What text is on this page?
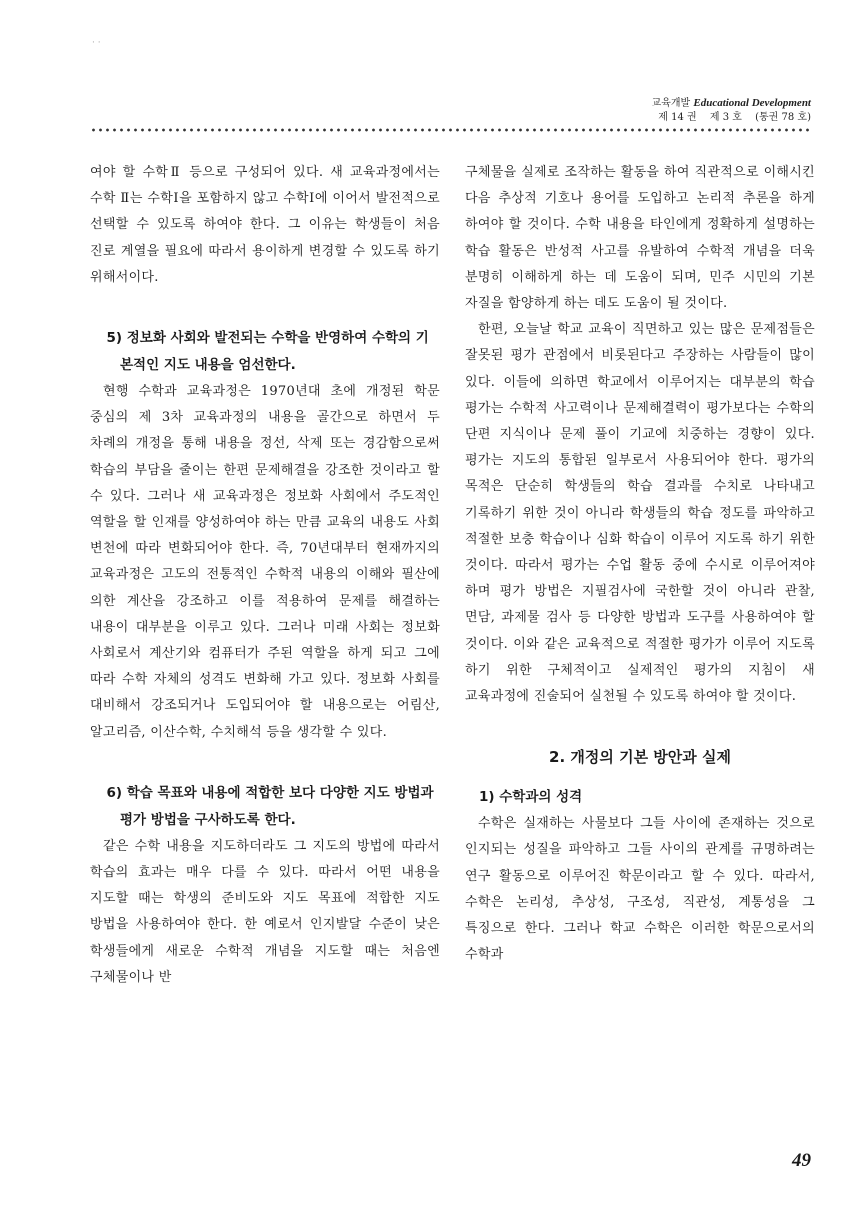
· ·
교육개발 Educational Development
제 14 권 제 3 호 (통권 78 호)

여야 할 수학Ⅱ 등으로 구성되어 있다. 새 교육과정에서는 수학 Ⅱ는 수학Ⅰ을 포함하지 않고 수학Ⅰ에 이어서 발전적으로 선택할 수 있도록 하여야 한다. 그 이유는 학생들이 처음 진로 계열을 필요에 따라서 용이하게 변경할 수 있도록 하기 위해서이다.

5) 정보화 사회와 발전되는 수학을 반영하여 수학의 기본적인 지도 내용을 엄선한다.

현행 수학과 교육과정은 1970년대 초에 개정된 학문 중심의 제 3차 교육과정의 내용을 골간으로 하면서 두 차례의 개정을 통해 내용을 정선, 삭제 또는 경감함으로써 학습의 부담을 줄이는 한편 문제해결을 강조한 것이라고 할 수 있다. 그러나 새 교육과정은 정보화 사회에서 주도적인 역할을 할 인재를 양성하여야 하는 만큼 교육의 내용도 사회 변천에 따라 변화되어야 한다. 즉, 70년대부터 현재까지의 교육과정은 고도의 전통적인 수학적 내용의 이해와 필산에 의한 계산을 강조하고 이를 적용하여 문제를 해결하는 내용이 대부분을 이루고 있다. 그러나 미래 사회는 정보화 사회로서 계산기와 컴퓨터가 주된 역할을 하게 되고 그에 따라 수학 자체의 성격도 변화해 가고 있다. 정보화 사회를 대비해서 강조되거나 도입되어야 할 내용으로는 어림산, 알고리즘, 이산수학, 수치해석 등을 생각할 수 있다.

6) 학습 목표와 내용에 적합한 보다 다양한 지도 방법과 평가 방법을 구사하도록 한다.

같은 수학 내용을 지도하더라도 그 지도의 방법에 따라서 학습의 효과는 매우 다를 수 있다. 따라서 어떤 내용을 지도할 때는 학생의 준비도와 지도 목표에 적합한 지도 방법을 사용하여야 한다. 한 예로서 인지발달 수준이 낮은 학생들에게 새로운 수학적 개념을 지도할 때는 처음엔 구체물이나 반

구체물을 실제로 조작하는 활동을 하여 직관적으로 이해시킨 다음 추상적 기호나 용어를 도입하고 논리적 추론을 하게 하여야 할 것이다. 수학 내용을 타인에게 정확하게 설명하는 학습 활동은 반성적 사고를 유발하여 수학적 개념을 더욱 분명히 이해하게 하는 데 도움이 되며, 민주 시민의 기본 자질을 함양하게 하는 데도 도움이 될 것이다.

한편, 오늘날 학교 교육이 직면하고 있는 많은 문제점들은 잘못된 평가 관점에서 비롯된다고 주장하는 사람들이 많이 있다. 이들에 의하면 학교에서 이루어지는 대부분의 학습 평가는 수학적 사고력이나 문제해결력이 평가보다는 수학의 단편 지식이나 문제 풀이 기교에 치중하는 경향이 있다. 평가는 지도의 통합된 일부로서 사용되어야 한다. 평가의 목적은 단순히 학생들의 학습 결과를 수치로 나타내고 기록하기 위한 것이 아니라 학생들의 학습 정도를 파악하고 적절한 보충 학습이나 심화 학습이 이루어 지도록 하기 위한 것이다. 따라서 평가는 수업 활동 중에 수시로 이루어져야 하며 평가 방법은 지필검사에 국한할 것이 아니라 관찰, 면담, 과제물 검사 등 다양한 방법과 도구를 사용하여야 할 것이다. 이와 같은 교육적으로 적절한 평가가 이루어 지도록 하기 위한 구체적이고 실제적인 평가의 지침이 새 교육과정에 진술되어 실천될 수 있도록 하여야 할 것이다.

2. 개정의 기본 방안과 실제
1) 수학과의 성격

수학은 실재하는 사물보다 그들 사이에 존재하는 것으로 인지되는 성질을 파악하고 그들 사이의 관계를 규명하려는 연구 활동으로 이루어진 학문이라고 할 수 있다. 따라서, 수학은 논리성, 추상성, 구조성, 직관성, 계통성을 그 특징으로 한다. 그러나 학교 수학은 이러한 학문으로서의 수학과

49
